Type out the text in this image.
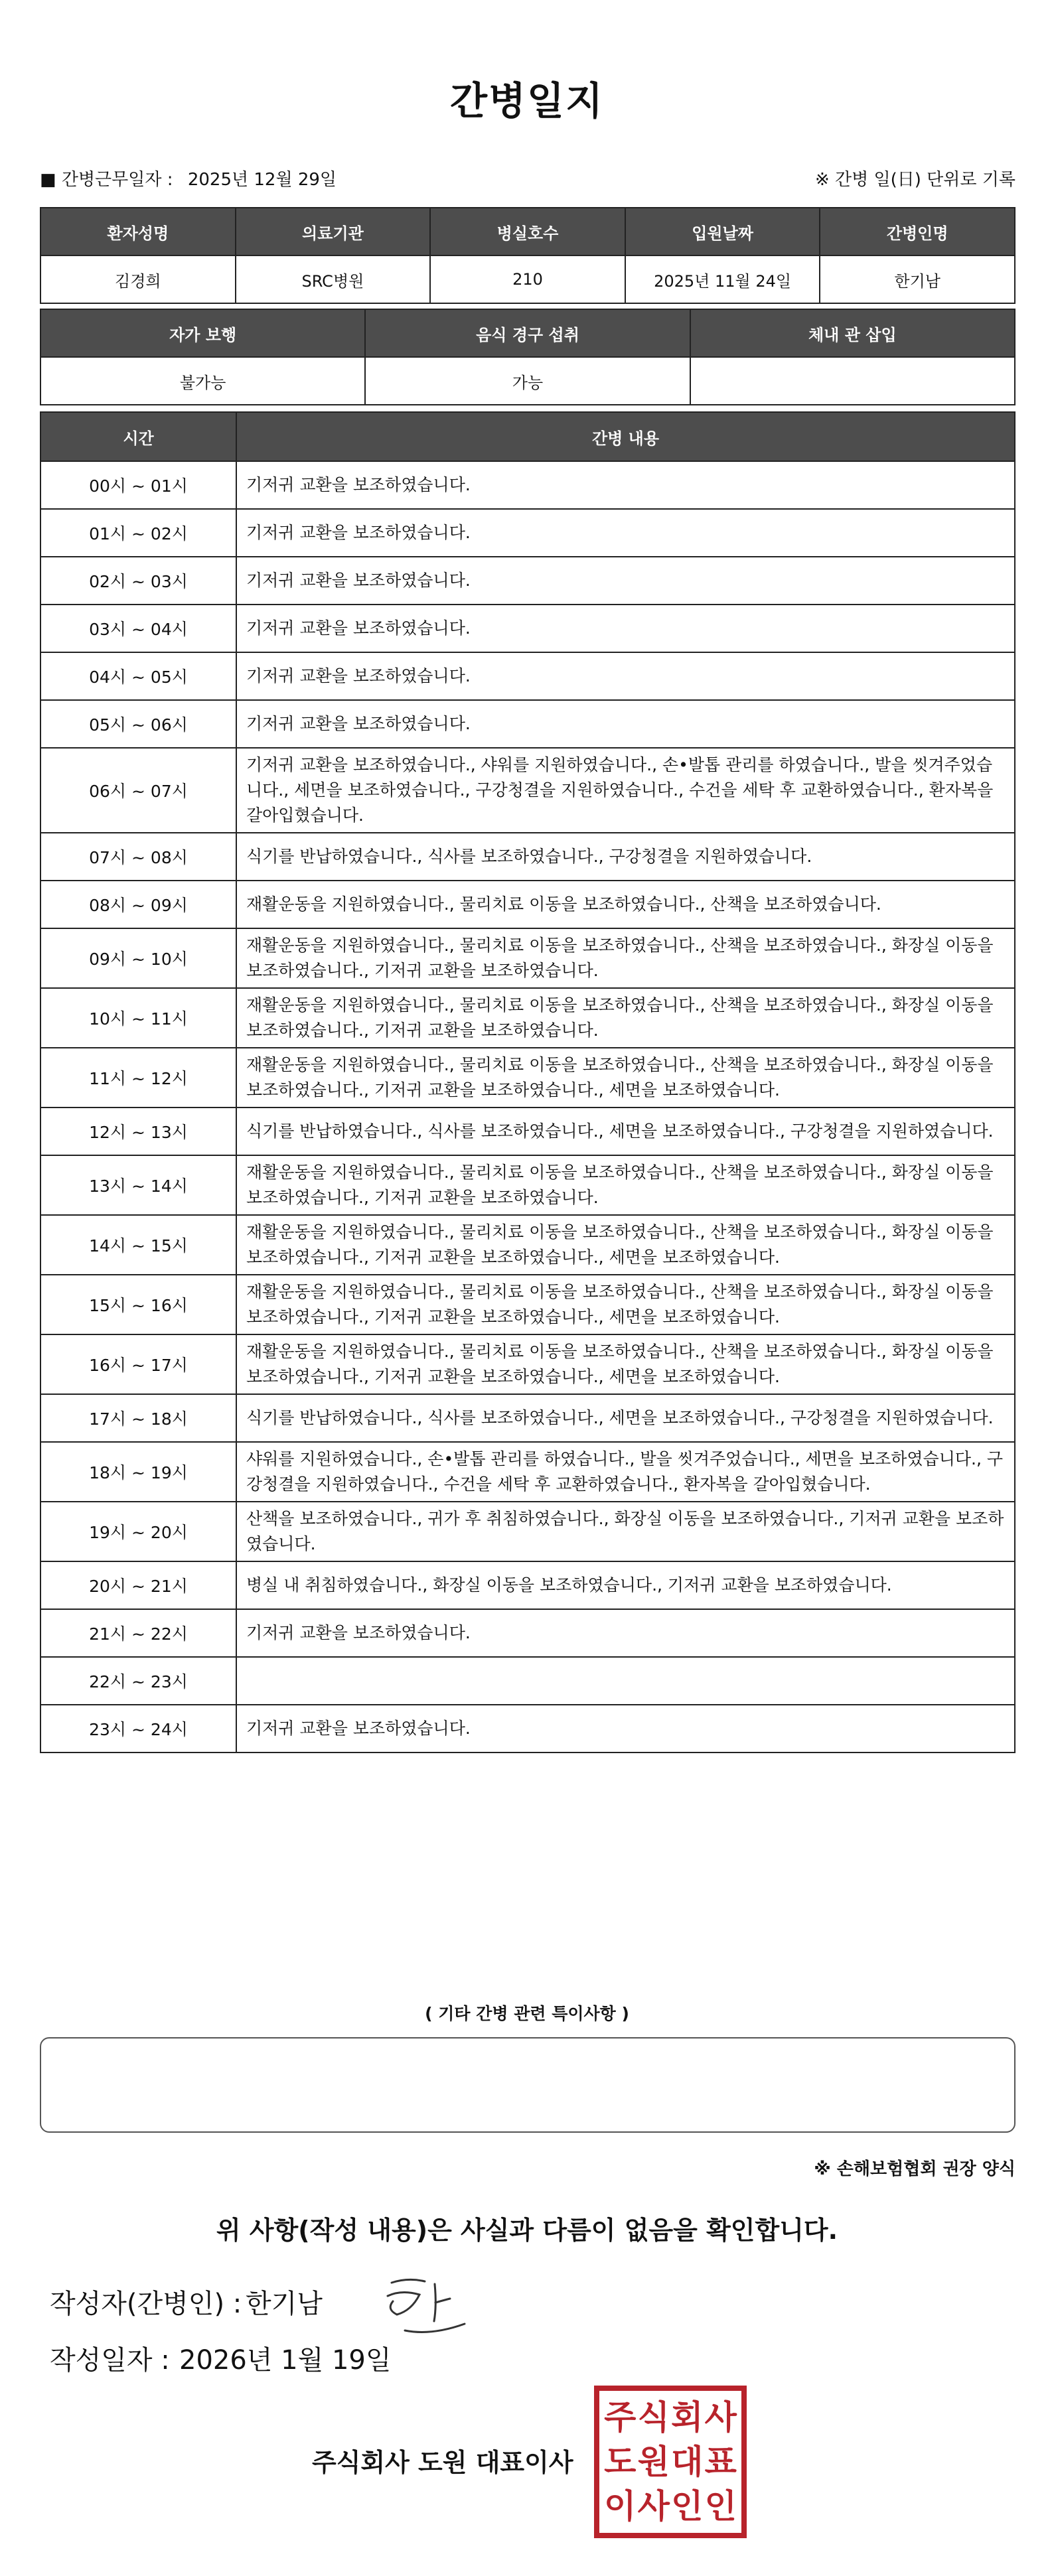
간병일지
■ 간병근무일자 : 2025년 12월 29일	※ 간병 일(日) 단위로 기록
환자성명	의료기관	병실호수	입원날짜	간병인명
김경희	SRC병원	210	2025년 11월 24일	한기남
자가 보행	음식 경구 섭취	체내 관 삽입
불가능	가능	
시간	간병 내용
00시 ~ 01시	기저귀 교환을 보조하였습니다.
01시 ~ 02시	기저귀 교환을 보조하였습니다.
02시 ~ 03시	기저귀 교환을 보조하였습니다.
03시 ~ 04시	기저귀 교환을 보조하였습니다.
04시 ~ 05시	기저귀 교환을 보조하였습니다.
05시 ~ 06시	기저귀 교환을 보조하였습니다.
06시 ~ 07시	기저귀 교환을 보조하였습니다., 샤워를 지원하였습니다., 손•발톱 관리를 하였습니다., 발을 씻겨주었습니다., 세면을 보조하였습니다., 구강청결을 지원하였습니다., 수건을 세탁 후 교환하였습니다., 환자복을 갈아입혔습니다.
07시 ~ 08시	식기를 반납하였습니다., 식사를 보조하였습니다., 구강청결을 지원하였습니다.
08시 ~ 09시	재활운동을 지원하였습니다., 물리치료 이동을 보조하였습니다., 산책을 보조하였습니다.
09시 ~ 10시	재활운동을 지원하였습니다., 물리치료 이동을 보조하였습니다., 산책을 보조하였습니다., 화장실 이동을 보조하였습니다., 기저귀 교환을 보조하였습니다.
10시 ~ 11시	재활운동을 지원하였습니다., 물리치료 이동을 보조하였습니다., 산책을 보조하였습니다., 화장실 이동을 보조하였습니다., 기저귀 교환을 보조하였습니다.
11시 ~ 12시	재활운동을 지원하였습니다., 물리치료 이동을 보조하였습니다., 산책을 보조하였습니다., 화장실 이동을 보조하였습니다., 기저귀 교환을 보조하였습니다., 세면을 보조하였습니다.
12시 ~ 13시	식기를 반납하였습니다., 식사를 보조하였습니다., 세면을 보조하였습니다., 구강청결을 지원하였습니다.
13시 ~ 14시	재활운동을 지원하였습니다., 물리치료 이동을 보조하였습니다., 산책을 보조하였습니다., 화장실 이동을 보조하였습니다., 기저귀 교환을 보조하였습니다.
14시 ~ 15시	재활운동을 지원하였습니다., 물리치료 이동을 보조하였습니다., 산책을 보조하였습니다., 화장실 이동을 보조하였습니다., 기저귀 교환을 보조하였습니다., 세면을 보조하였습니다.
15시 ~ 16시	재활운동을 지원하였습니다., 물리치료 이동을 보조하였습니다., 산책을 보조하였습니다., 화장실 이동을 보조하였습니다., 기저귀 교환을 보조하였습니다., 세면을 보조하였습니다.
16시 ~ 17시	재활운동을 지원하였습니다., 물리치료 이동을 보조하였습니다., 산책을 보조하였습니다., 화장실 이동을 보조하였습니다., 기저귀 교환을 보조하였습니다., 세면을 보조하였습니다.
17시 ~ 18시	식기를 반납하였습니다., 식사를 보조하였습니다., 세면을 보조하였습니다., 구강청결을 지원하였습니다.
18시 ~ 19시	샤워를 지원하였습니다., 손•발톱 관리를 하였습니다., 발을 씻겨주었습니다., 세면을 보조하였습니다., 구강청결을 지원하였습니다., 수건을 세탁 후 교환하였습니다., 환자복을 갈아입혔습니다.
19시 ~ 20시	산책을 보조하였습니다., 귀가 후 취침하였습니다., 화장실 이동을 보조하였습니다., 기저귀 교환을 보조하였습니다.
20시 ~ 21시	병실 내 취침하였습니다., 화장실 이동을 보조하였습니다., 기저귀 교환을 보조하였습니다.
21시 ~ 22시	기저귀 교환을 보조하였습니다.
22시 ~ 23시	
23시 ~ 24시	기저귀 교환을 보조하였습니다.
( 기타 간병 관련 특이사항 )
※ 손해보험협회 권장 양식
위 사항(작성 내용)은 사실과 다름이 없음을 확인합니다.
작성자(간병인) : 한기남
작성일자 : 2026년 1월 19일
주식회사 도원 대표이사
주 식 회 사
도 원 대 표
이 사 인 인
